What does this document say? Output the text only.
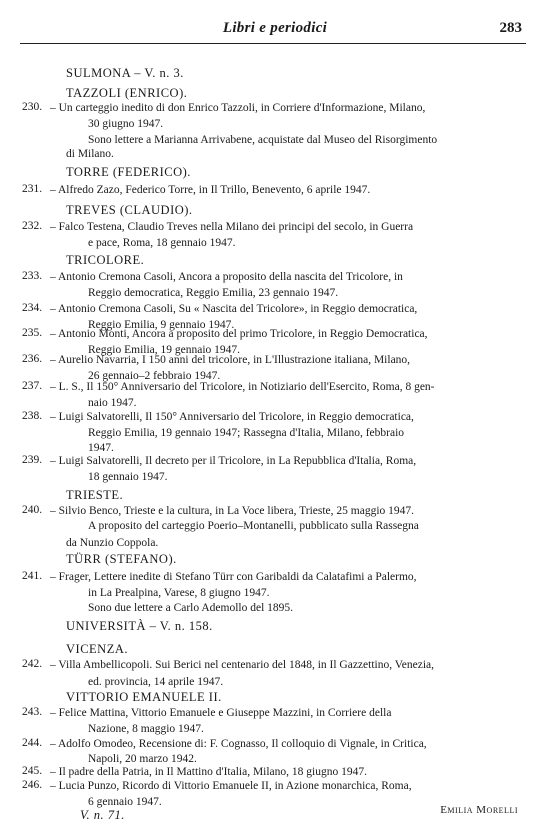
Libri e periodici	283
SULMONA – V. n. 3.
TAZZOLI (ENRICO).
230. – Un carteggio inedito di don Enrico Tazzoli, in Corriere d'Informazione, Milano,
30 giugno 1947.
Sono lettere a Marianna Arrivabene, acquistate dal Museo del Risorgimento
di Milano.
TORRE (FEDERICO).
231. – Alfredo Zazo, Federico Torre, in Il Trillo, Benevento, 6 aprile 1947.
TREVES (CLAUDIO).
232. – Falco Testena, Claudio Treves nella Milano dei principi del secolo, in Guerra
e pace, Roma, 18 gennaio 1947.
TRICOLORE.
233. – Antonio Cremona Casoli, Ancora a proposito della nascita del Tricolore, in
Reggio democratica, Reggio Emilia, 23 gennaio 1947.
234. – Antonio Cremona Casoli, Su « Nascita del Tricolore», in Reggio democratica,
Reggio Emilia, 9 gennaio 1947.
235. – Antonio Monti, Ancora a proposito del primo Tricolore, in Reggio Democratica,
Reggio Emilia, 19 gennaio 1947.
236. – Aurelio Navarria, I 150 anni del tricolore, in L'Illustrazione italiana, Milano,
26 gennaio–2 febbraio 1947.
237. – L. S., Il 150° Anniversario del Tricolore, in Notiziario dell'Esercito, Roma, 8 gen-
naio 1947.
238. – Luigi Salvatorelli, Il 150° Anniversario del Tricolore, in Reggio democratica,
Reggio Emilia, 19 gennaio 1947; Rassegna d'Italia, Milano, febbraio
1947.
239. – Luigi Salvatorelli, Il decreto per il Tricolore, in La Repubblica d'Italia, Roma,
18 gennaio 1947.
TRIESTE.
240. – Silvio Benco, Trieste e la cultura, in La Voce libera, Trieste, 25 maggio 1947.
A proposito del carteggio Poerio–Montanelli, pubblicato sulla Rassegna
da Nunzio Coppola.
TÜRR (STEFANO).
241. – Frager, Lettere inedite di Stefano Türr con Garibaldi da Calatafimi a Palermo,
in La Prealpina, Varese, 8 giugno 1947.
Sono due lettere a Carlo Ademollo del 1895.
UNIVERSITÀ – V. n. 158.
VICENZA.
242. – Villa Ambellicopoli. Sui Berici nel centenario del 1848, in Il Gazzettino, Venezia,
ed. provincia, 14 aprile 1947.
VITTORIO EMANUELE II.
243. – Felice Mattina, Vittorio Emanuele e Giuseppe Mazzini, in Corriere della
Nazione, 8 maggio 1947.
244. – Adolfo Omodeo, Recensione di: F. Cognasso, Il colloquio di Vignale, in Critica,
Napoli, 20 marzo 1942.
245. – Il padre della Patria, in Il Mattino d'Italia, Milano, 18 giugno 1947.
246. – Lucia Punzo, Ricordo di Vittorio Emanuele II, in Azione monarchica, Roma,
6 gennaio 1947.
V. n. 71.	Emilia Morelli
